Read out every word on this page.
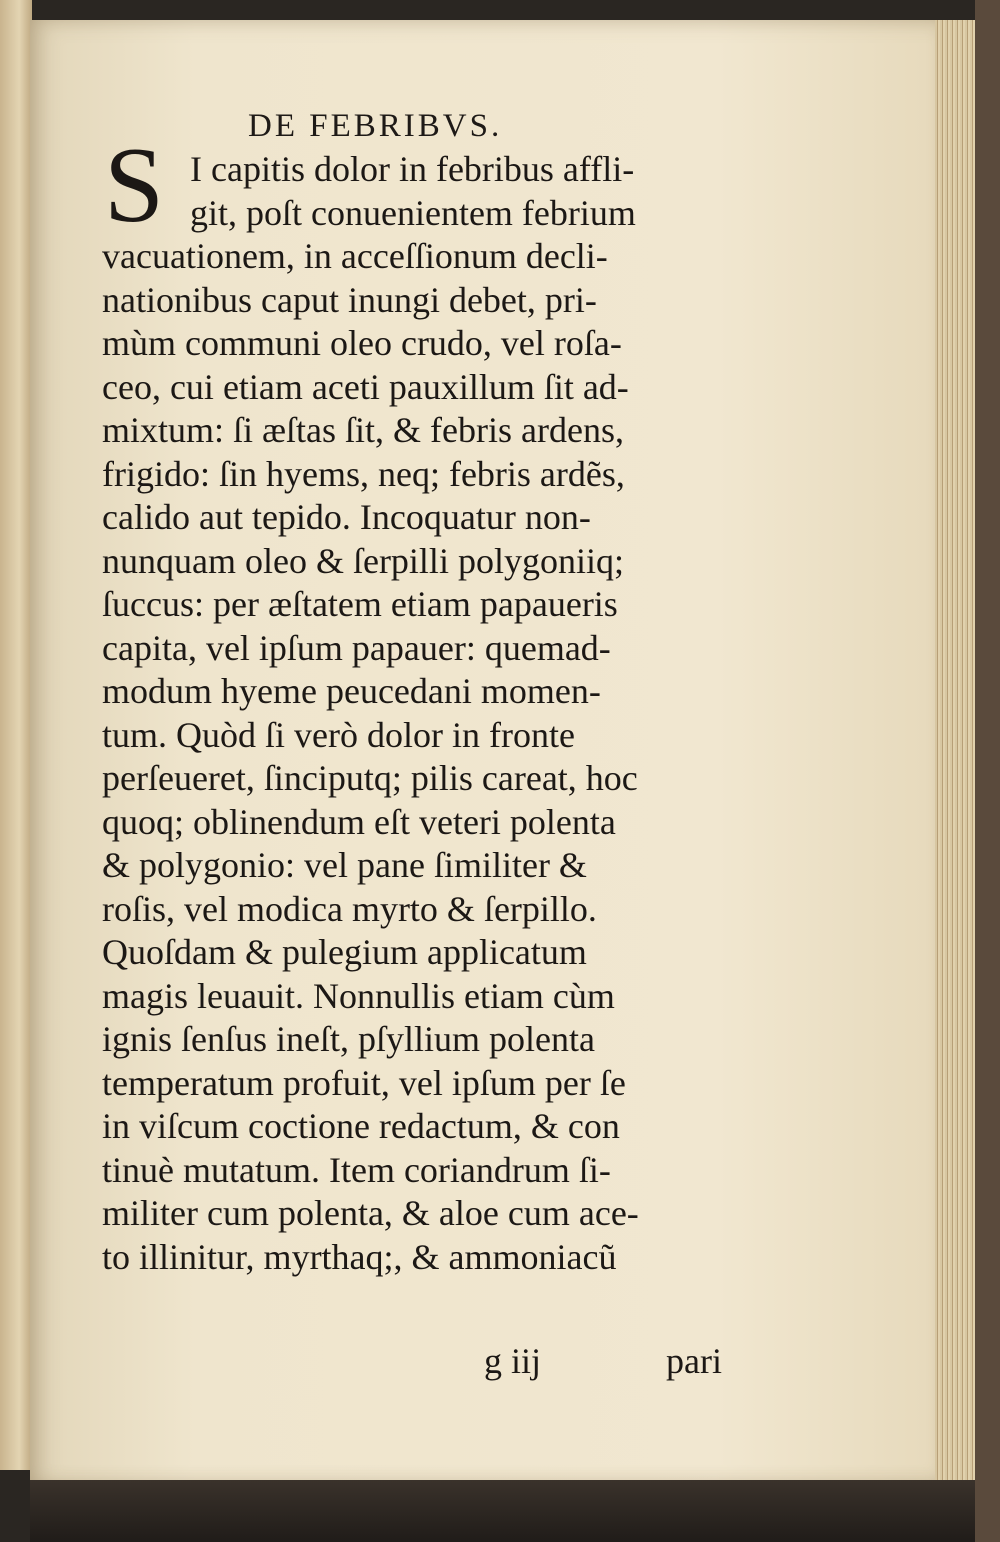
DE FEBRIBVS.
S I capitis dolor in febribus affli-
git, poſt conuenientem febrium
vacuationem, in acceſſionum decli-
nationibus caput inungi debet, pri-
mùm communi oleo crudo, vel roſa-
ceo, cui etiam aceti pauxillum ſit ad-
mixtum: ſi æſtas ſit, & febris ardens,
frigido: ſin hyems, neq; febris ardẽs,
calido aut tepido. Incoquatur non-
nunquam oleo & ſerpilli polygoniiq;
ſuccus: per æſtatem etiam papaueris
capita, vel ipſum papauer: quemad-
modum hyeme peucedani momen-
tum. Quòd ſi verò dolor in fronte
perſeueret, ſinciputq; pilis careat, hoc
quoq; oblinendum eſt veteri polenta
& polygonio: vel pane ſimiliter &
roſis, vel modica myrto & ſerpillo.
Quoſdam & pulegium applicatum
magis leuauit. Nonnullis etiam cùm
ignis ſenſus ineſt, pſyllium polenta
temperatum profuit, vel ipſum per ſe
in viſcum coctione redactum, & con
tinuè mutatum. Item coriandrum ſi-
militer cum polenta, & aloe cum ace-
to illinitur, myrthaq;, & ammoniacũ
g iij	pari
